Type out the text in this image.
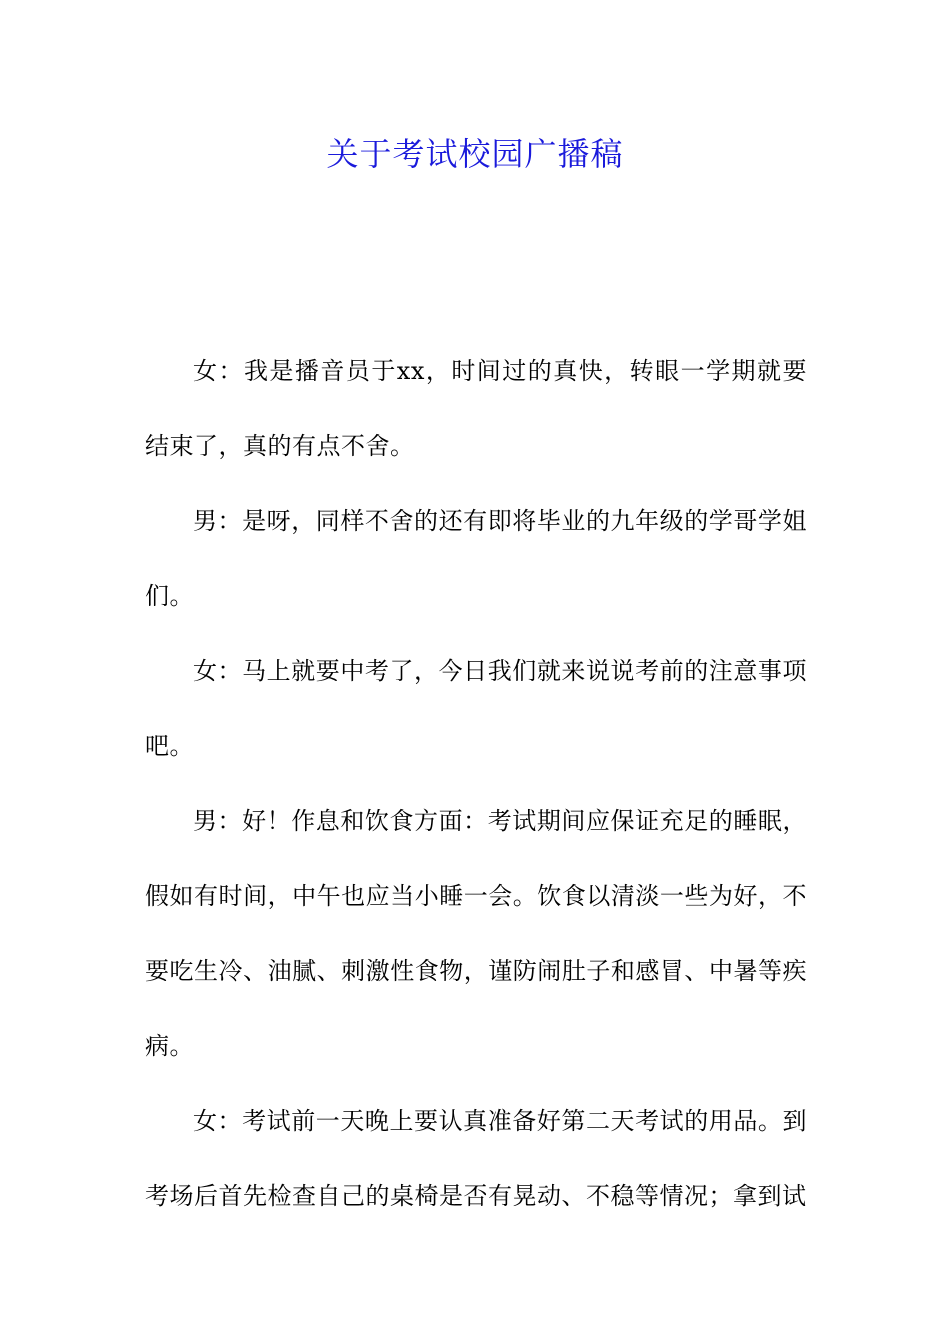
关于考试校园广播稿

女：我是播音员于xx，时间过的真快，转眼一学期就要结束了，真的有点不舍。

男：是呀，同样不舍的还有即将毕业的九年级的学哥学姐们。

女：马上就要中考了，今日我们就来说说考前的注意事项吧。

男：好！作息和饮食方面：考试期间应保证充足的睡眠，假如有时间，中午也应当小睡一会。饮食以清淡一些为好，不要吃生冷、油腻、刺激性食物，谨防闹肚子和感冒、中暑等疾病。

女：考试前一天晚上要认真准备好第二天考试的用品。到考场后首先检查自己的桌椅是否有晃动、不稳等情况；拿到试
